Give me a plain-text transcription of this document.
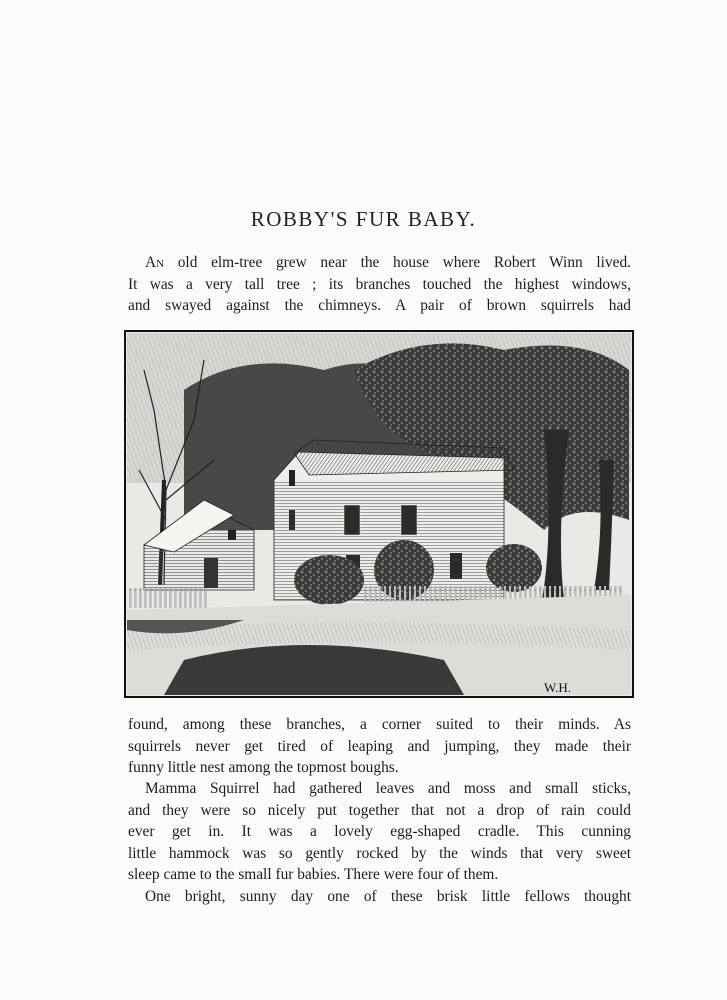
ROBBY'S FUR BABY.
An old elm-tree grew near the house where Robert Winn lived.
It was a very tall tree ; its branches touched the highest windows,
and swayed against the chimneys. A pair of brown squirrels had
W.H.
found, among these branches, a corner suited to their minds. As
squirrels never get tired of leaping and jumping, they made their
funny little nest among the topmost boughs.
Mamma Squirrel had gathered leaves and moss and small sticks,
and they were so nicely put together that not a drop of rain could
ever get in. It was a lovely egg-shaped cradle. This cunning
little hammock was so gently rocked by the winds that very sweet
sleep came to the small fur babies. There were four of them.
One bright, sunny day one of these brisk little fellows thought
